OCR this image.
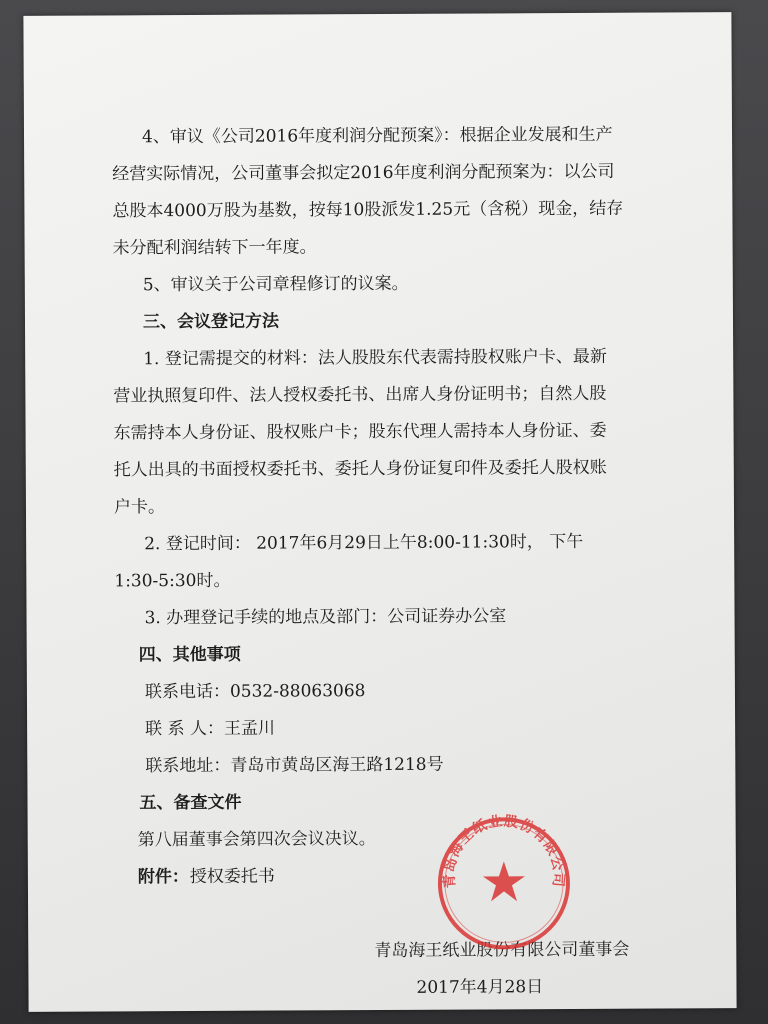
4、审议《公司2016年度利润分配预案》：根据企业发展和生产
经营实际情况，公司董事会拟定2016年度利润分配预案为：以公司
总股本4000万股为基数，按每10股派发1.25元（含税）现金，结存
未分配利润结转下一年度。
5、审议关于公司章程修订的议案。
三、会议登记方法
1. 登记需提交的材料：法人股股东代表需持股权账户卡、最新
营业执照复印件、法人授权委托书、出席人身份证明书；自然人股
东需持本人身份证、股权账户卡；股东代理人需持本人身份证、委
托人出具的书面授权委托书、委托人身份证复印件及委托人股权账
户卡。
2. 登记时间： 2017年6月29日上午8:00-11:30时， 下午
1:30-5:30时。
3. 办理登记手续的地点及部门：公司证券办公室
四、其他事项
联系电话：0532-88063068
联 系 人：王孟川
联系地址：青岛市黄岛区海王路1218号
五、备查文件
第八届董事会第四次会议决议。
附件： 授权委托书
青岛海王纸业股份有限公司董事会
2017年4月28日
青岛海王纸业股份有限公司
